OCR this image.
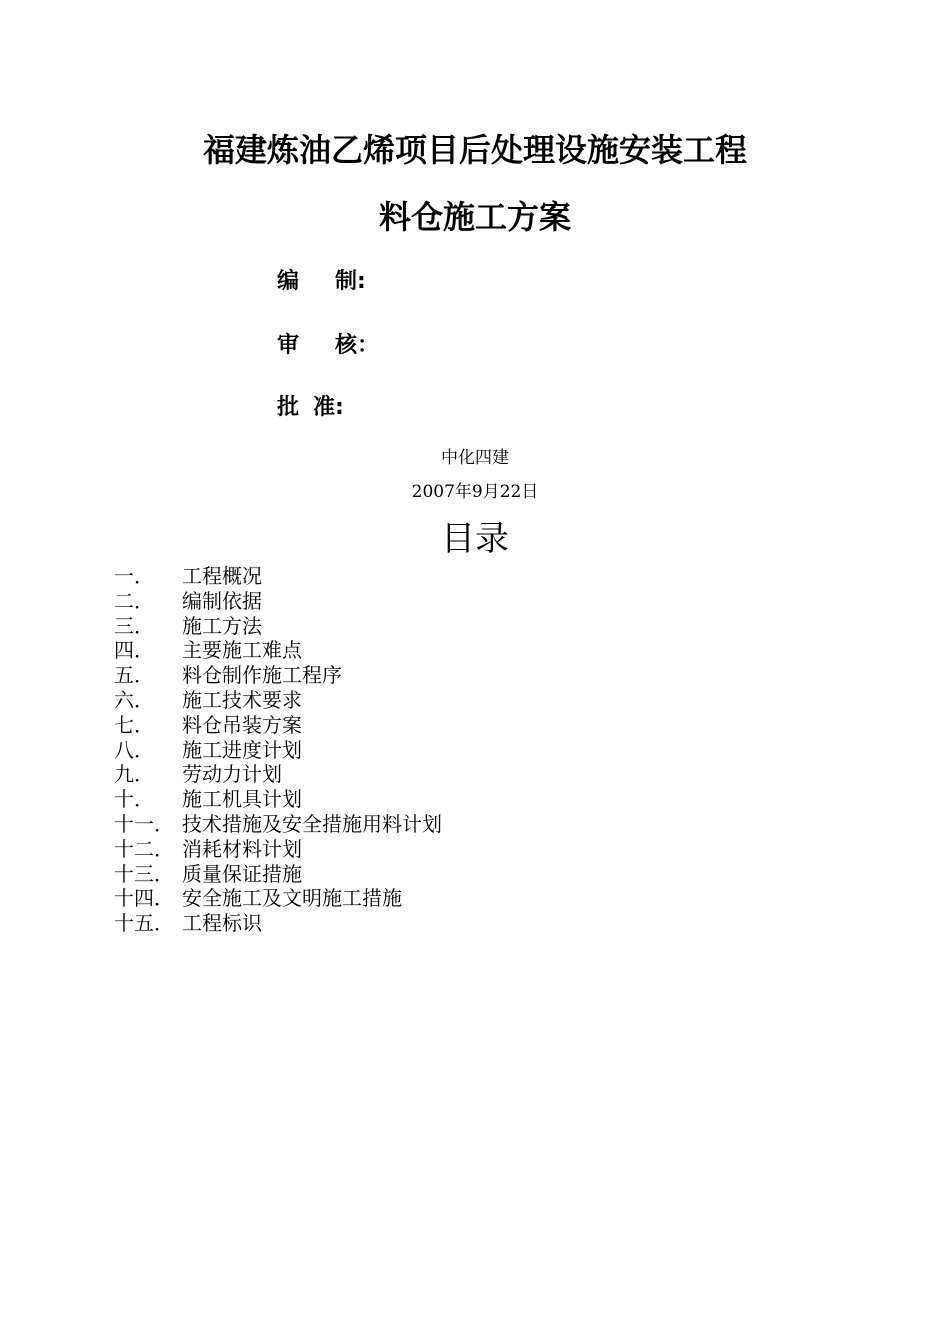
福建炼油乙烯项目后处理设施安装工程
料仓施工方案
编 制:
审 核：
批 准:
中化四建
2007年9月22日
目录
一． 工程概况
二． 编制依据
三． 施工方法
四． 主要施工难点
五． 料仓制作施工程序
六． 施工技术要求
七． 料仓吊装方案
八． 施工进度计划
九． 劳动力计划
十． 施工机具计划
十一． 技术措施及安全措施用料计划
十二． 消耗材料计划
十三． 质量保证措施
十四． 安全施工及文明施工措施
十五． 工程标识
